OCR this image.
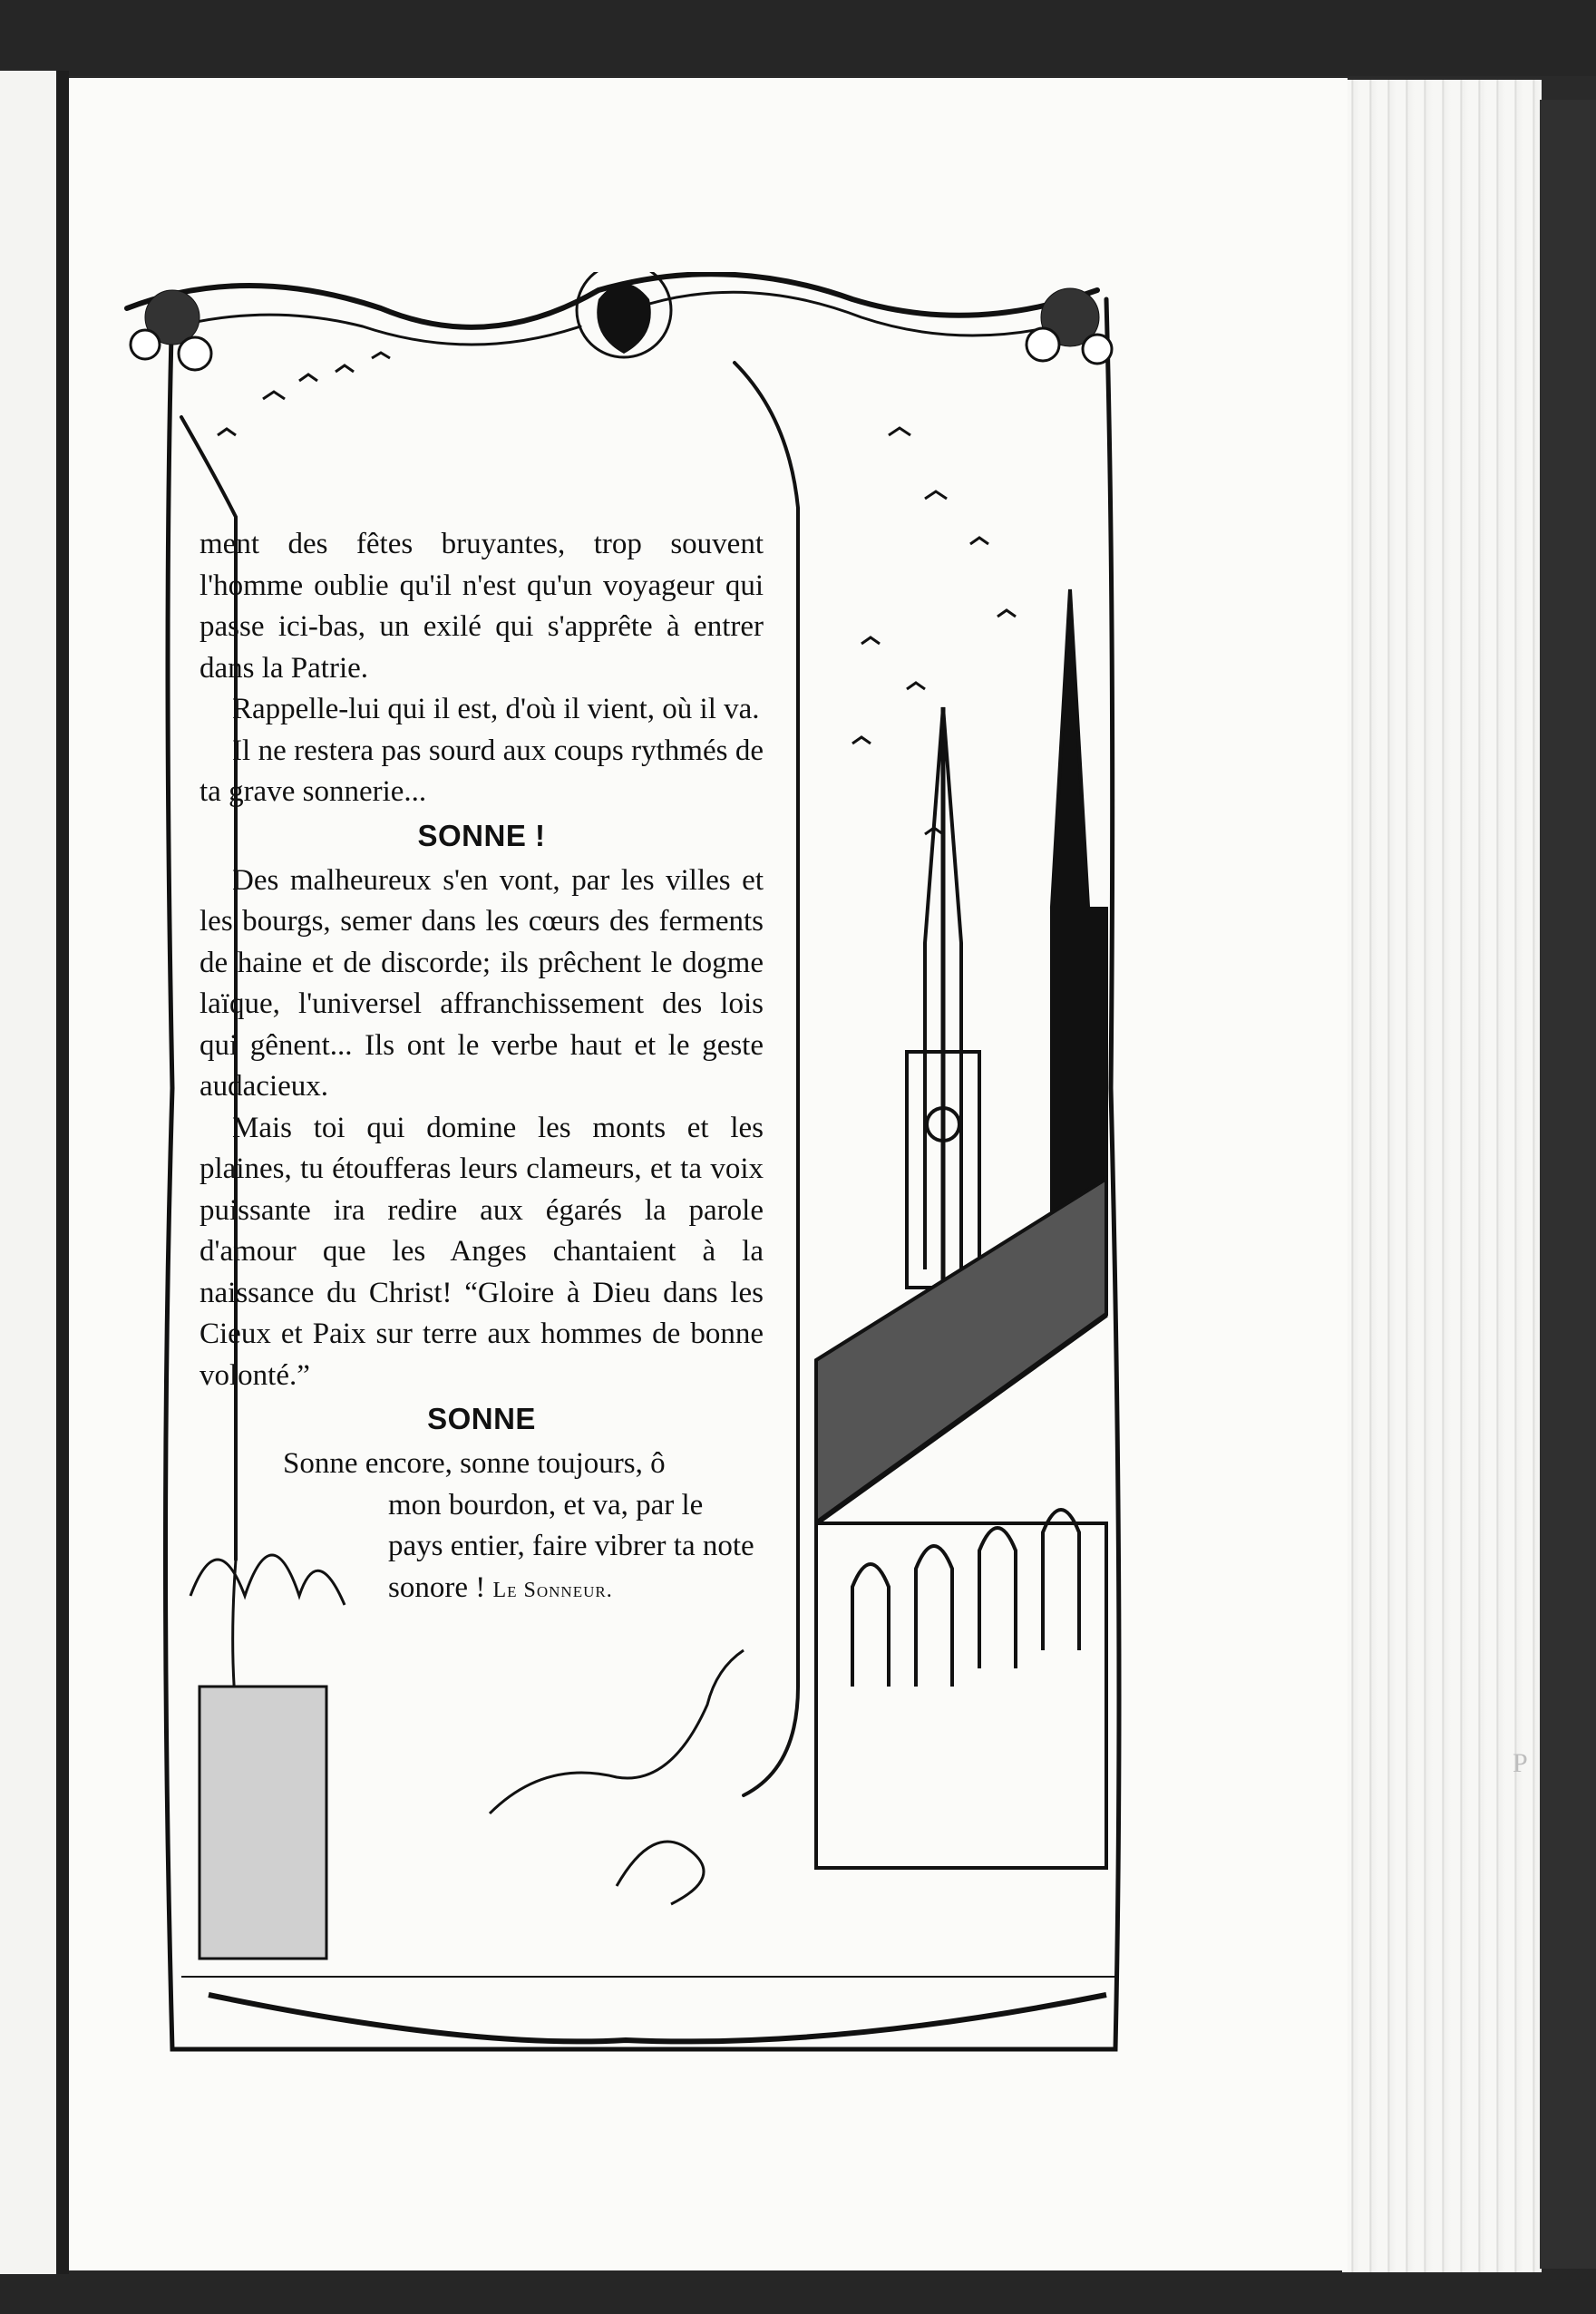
ment des fêtes bruyantes, trop souvent l'homme oublie qu'il n'est qu'un voyageur qui passe ici-bas, un exilé qui s'apprête à entrer dans la Patrie.

Rappelle-lui qui il est, d'où il vient, où il va.

Il ne restera pas sourd aux coups rythmés de ta grave sonnerie...

SONNE !

Des malheureux s'en vont, par les villes et les bourgs, semer dans les cœurs des ferments de haine et de discorde; ils prêchent le dogme laïque, l'universel affranchissement des lois qui gênent... Ils ont le verbe haut et le geste audacieux.

Mais toi qui domine les monts et les plaines, tu étoufferas leurs clameurs, et ta voix puissante ira redire aux égarés la parole d'amour que les Anges chantaient à la naissance du Christ! “Gloire à Dieu dans les Cieux et Paix sur terre aux hommes de bonne volonté.”

SONNE
Sonne encore, sonne toujours, ô
mon bourdon, et va, par le pays entier, faire vibrer ta note sonore ! Le Sonneur.
P
